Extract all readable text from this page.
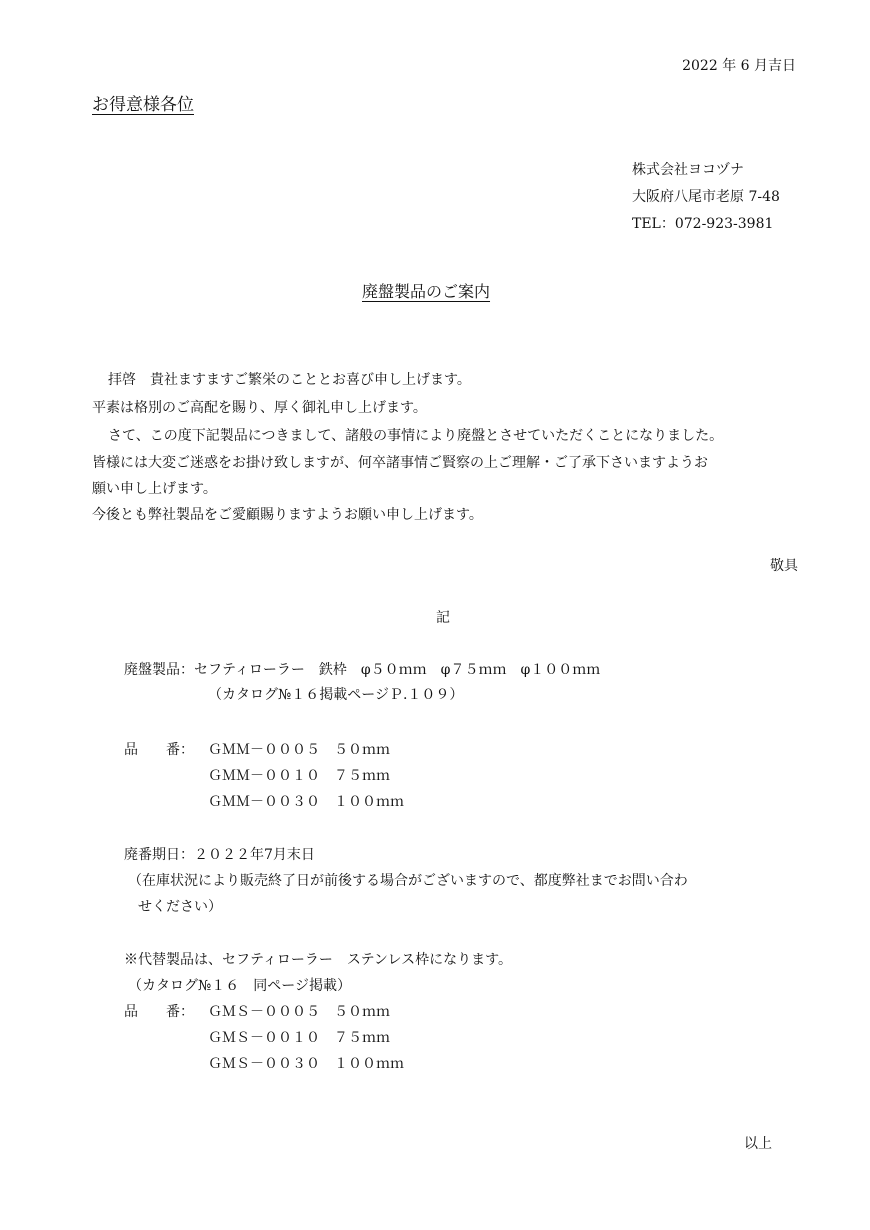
2022 年 6 月吉日
お得意様各位
株式会社ヨコヅナ
大阪府八尾市老原 7-48
TEL：072-923-3981
廃盤製品のご案内
拝啓　貴社ますますご繁栄のこととお喜び申し上げます。
平素は格別のご高配を賜り、厚く御礼申し上げます。
さて、この度下記製品につきまして、諸般の事情により廃盤とさせていただくことになりました。
皆様には大変ご迷惑をお掛け致しますが、何卒諸事情ご賢察の上ご理解・ご了承下さいますようお
願い申し上げます。
今後とも弊社製品をご愛顧賜りますようお願い申し上げます。
敬具
記
廃盤製品：セフティローラー　鉄枠　φ５０ｍｍ　φ７５ｍｍ　φ１００ｍｍ
（カタログ№１６掲載ページＰ.１０９）
品　　番： ＧＭＭ－０００５　５０ｍｍ
ＧＭＭ－００１０　７５ｍｍ
ＧＭＭ－００３０　１００ｍｍ
廃番期日：２０２２年7月末日
（在庫状況により販売終了日が前後する場合がございますので、都度弊社までお問い合わ
せください）
※代替製品は、セフティローラー　ステンレス枠になります。
（カタログ№１６　同ページ掲載）
品　　番： ＧＭＳ－０００５　５０ｍｍ
ＧＭＳ－００１０　７５ｍｍ
ＧＭＳ－００３０　１００ｍｍ
以上
